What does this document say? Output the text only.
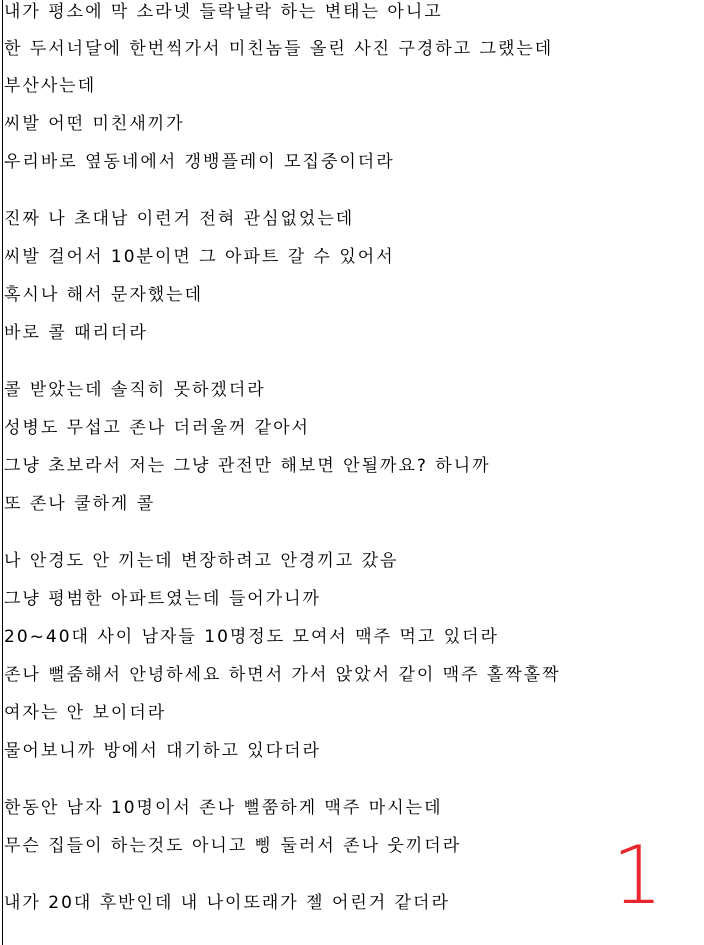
내가 평소에 막 소라넷 들락날락 하는 변태는 아니고
한 두서너달에 한번씩가서 미친놈들 올린 사진 구경하고 그랬는데
부산사는데
씨발 어떤 미친새끼가
우리바로 옆동네에서 갱뱅플레이 모집중이더라
진짜 나 초대남 이런거 전혀 관심없었는데
씨발 걸어서 10분이면 그 아파트 갈 수 있어서
혹시나 해서 문자했는데
바로 콜 때리더라
콜 받았는데 솔직히 못하겠더라
성병도 무섭고 존나 더러울꺼 같아서
그냥 초보라서 저는 그냥 관전만 해보면 안될까요? 하니까
또 존나 쿨하게 콜
나 안경도 안 끼는데 변장하려고 안경끼고 갔음
그냥 평범한 아파트였는데 들어가니까
20~40대 사이 남자들 10명정도 모여서 맥주 먹고 있더라
존나 뻘줌해서 안녕하세요 하면서 가서 앉았서 같이 맥주 홀짝홀짝
여자는 안 보이더라
물어보니까 방에서 대기하고 있다더라
한동안 남자 10명이서 존나 뻘쭘하게 맥주 마시는데
무슨 집들이 하는것도 아니고 삥 둘러서 존나 웃끼더라
내가 20대 후반인데 내 나이또래가 젤 어린거 같더라 1
